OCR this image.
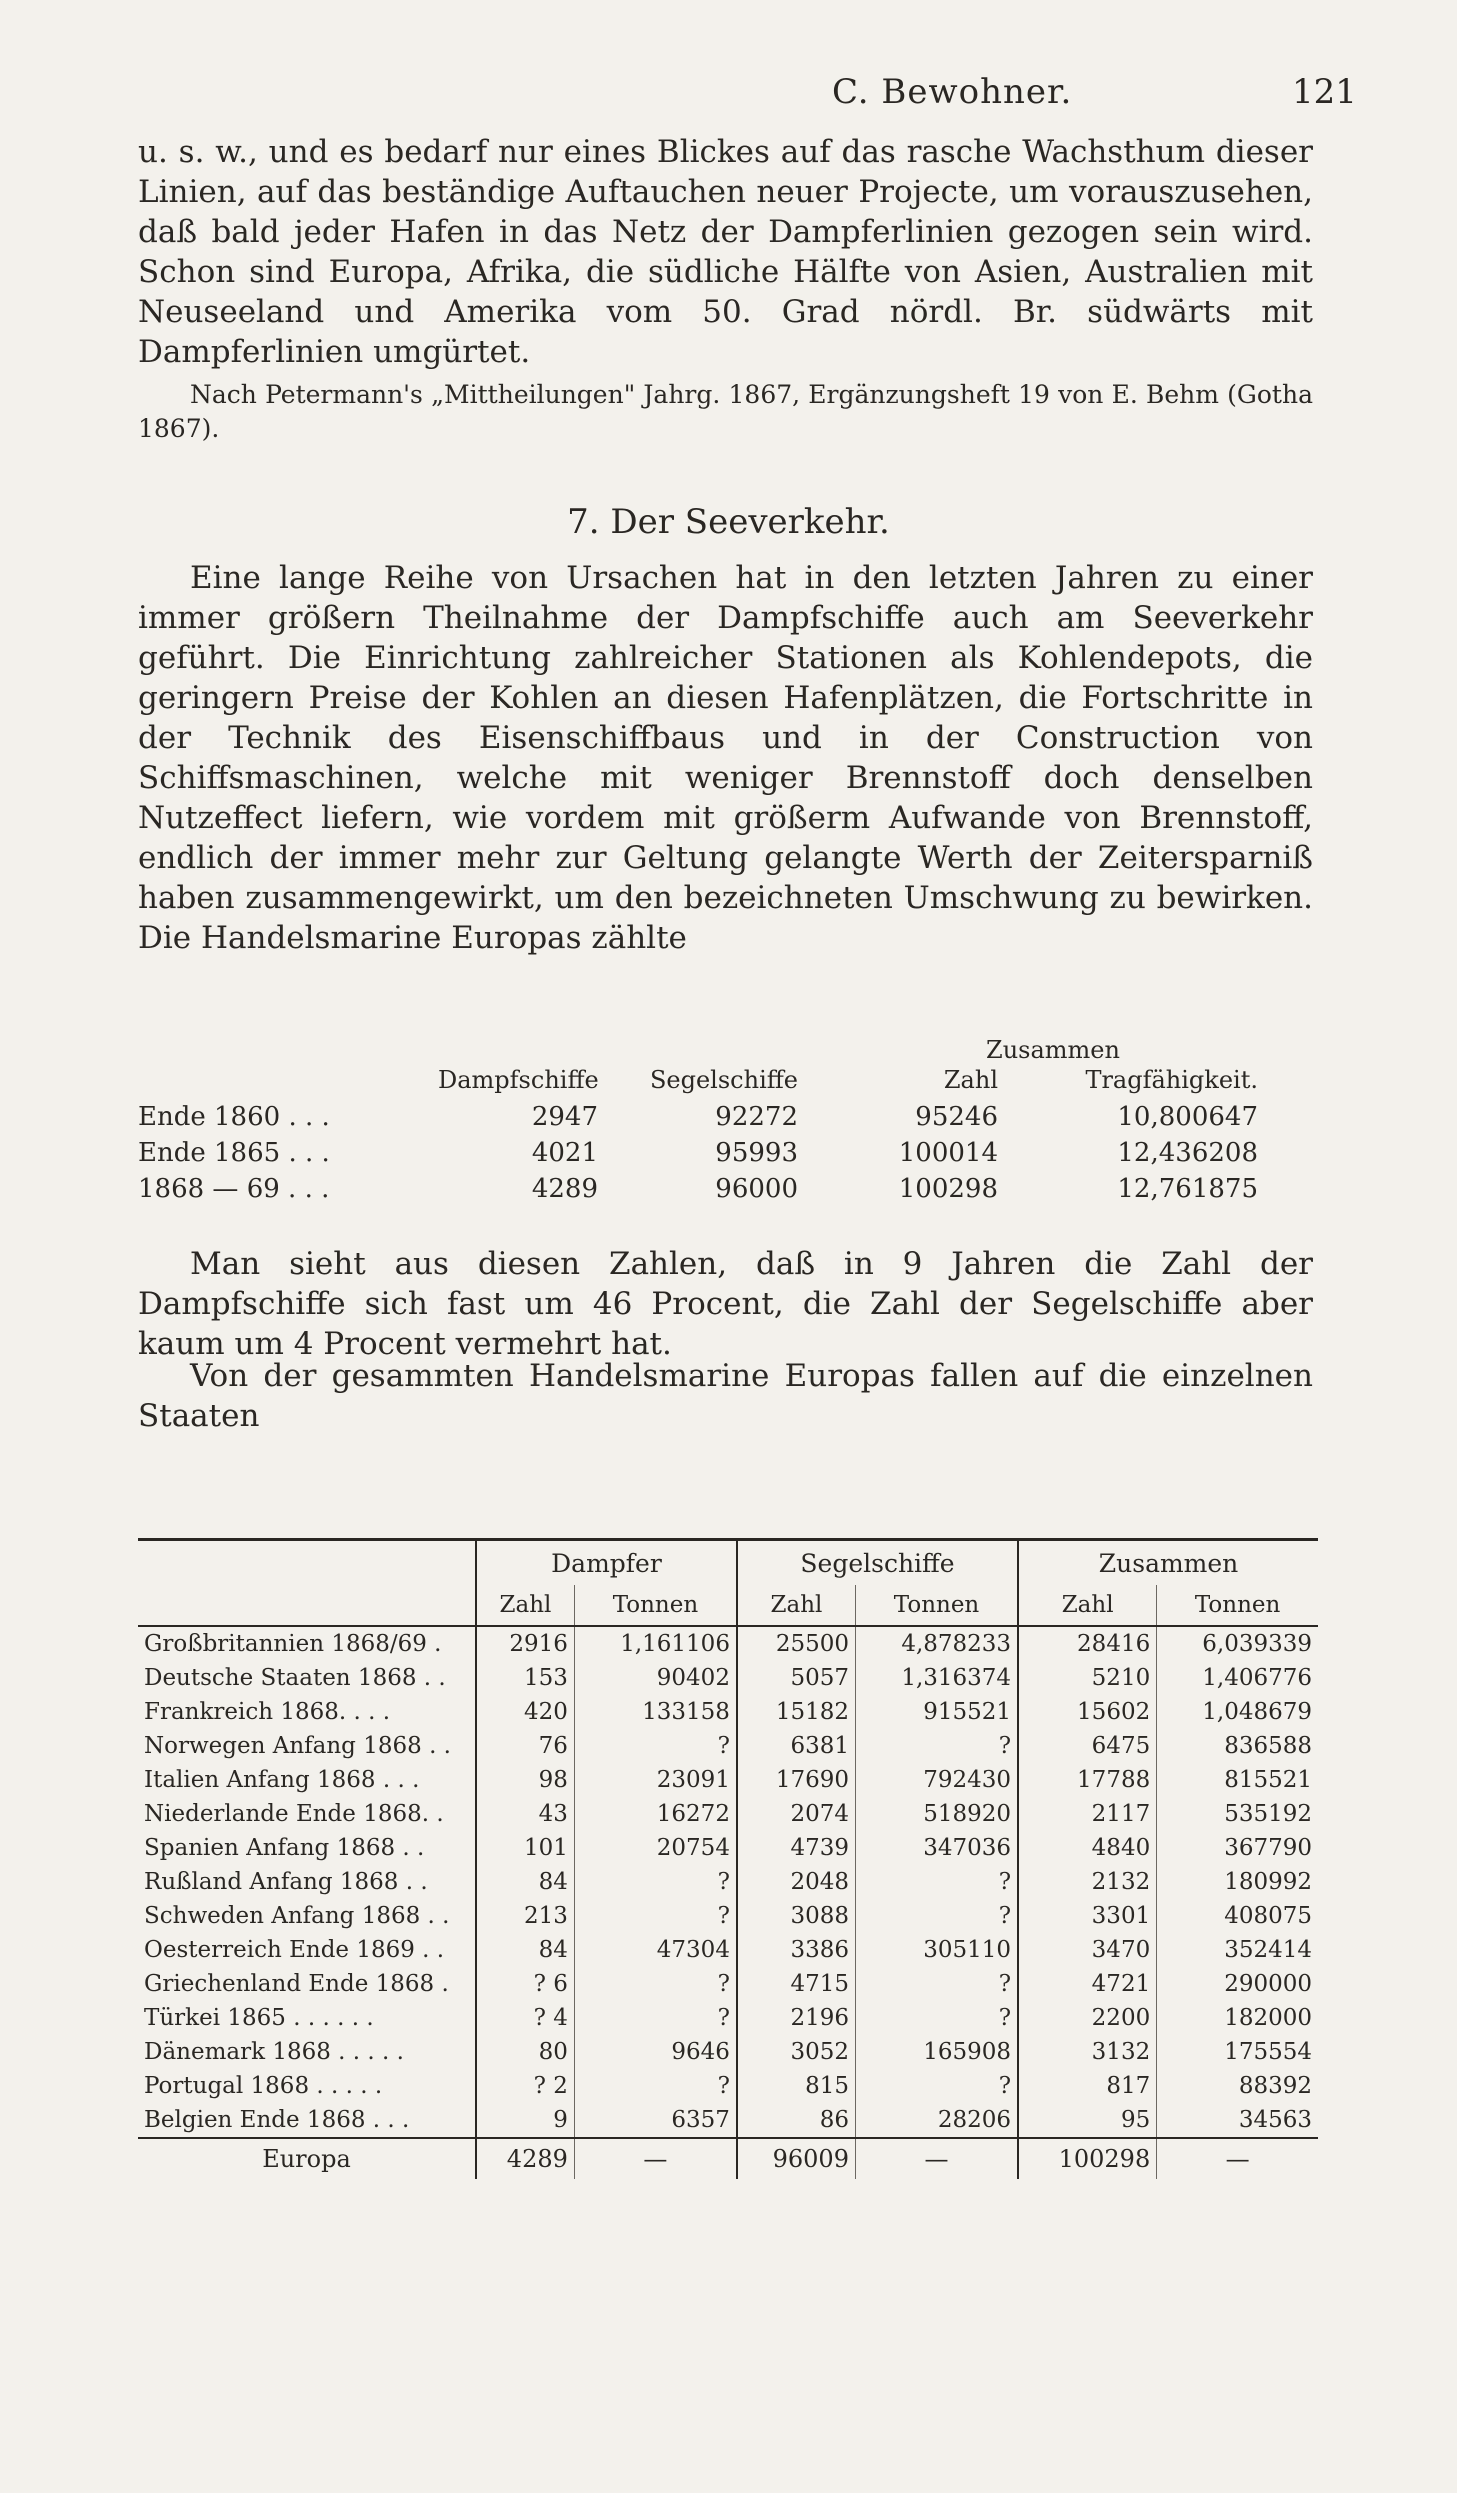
C. Bewohner.	121

u. s. w., und es bedarf nur eines Blickes auf das rasche Wachsthum dieser Linien, auf das beständige Auftauchen neuer Projecte, um vorauszusehen, daß bald jeder Hafen in das Netz der Dampferlinien gezogen sein wird. Schon sind Europa, Afrika, die südliche Hälfte von Asien, Australien mit Neuseeland und Amerika vom 50. Grad nördl. Br. südwärts mit Dampferlinien umgürtet.

Nach Petermann's „Mittheilungen" Jahrg. 1867, Ergänzungsheft 19 von E. Behm (Gotha 1867).

7. Der Seeverkehr.

Eine lange Reihe von Ursachen hat in den letzten Jahren zu einer immer größern Theilnahme der Dampfschiffe auch am Seeverkehr geführt. Die Einrichtung zahlreicher Stationen als Kohlendepots, die geringern Preise der Kohlen an diesen Hafenplätzen, die Fortschritte in der Technik des Eisenschiffbaus und in der Construction von Schiffsmaschinen, welche mit weniger Brennstoff doch denselben Nutzeffect liefern, wie vordem mit größerm Aufwande von Brennstoff, endlich der immer mehr zur Geltung gelangte Werth der Zeitersparniß haben zusammengewirkt, um den bezeichneten Umschwung zu bewirken. Die Handelsmarine Europas zählte

Zusammen
Dampfschiffe	Segelschiffe	Zahl	Tragfähigkeit.
Ende 1860 . . .	2947	92272	95246	10,800647
Ende 1865 . . .	4021	95993	100014	12,436208
1868 — 69 . . .	4289	96000	100298	12,761875

Man sieht aus diesen Zahlen, daß in 9 Jahren die Zahl der Dampfschiffe sich fast um 46 Procent, die Zahl der Segelschiffe aber kaum um 4 Procent vermehrt hat.

Von der gesammten Handelsmarine Europas fallen auf die einzelnen Staaten

	Dampfer		Segelschiffe		Zusammen	
	Zahl	Tonnen	Zahl	Tonnen	Zahl	Tonnen
Großbritannien 1868/69 .	2916	1,161106	25500	4,878233	28416	6,039339
Deutsche Staaten 1868 . .	153	90402	5057	1,316374	5210	1,406776
Frankreich 1868. . . .	420	133158	15182	915521	15602	1,048679
Norwegen Anfang 1868 . .	76	?	6381	?	6475	836588
Italien Anfang 1868 . . .	98	23091	17690	792430	17788	815521
Niederlande Ende 1868. .	43	16272	2074	518920	2117	535192
Spanien Anfang 1868 . .	101	20754	4739	347036	4840	367790
Rußland Anfang 1868 . .	84	?	2048	?	2132	180992
Schweden Anfang 1868 . .	213	?	3088	?	3301	408075
Oesterreich Ende 1869 . .	84	47304	3386	305110	3470	352414
Griechenland Ende 1868 .	? 6	?	4715	?	4721	290000
Türkei 1865 . . . . . .	? 4	?	2196	?	2200	182000
Dänemark 1868 . . . . .	80	9646	3052	165908	3132	175554
Portugal 1868 . . . . .	? 2	?	815	?	817	88392
Belgien Ende 1868 . . .	9	6357	86	28206	95	34563
Europa	4289	—	96009	—	100298	—
